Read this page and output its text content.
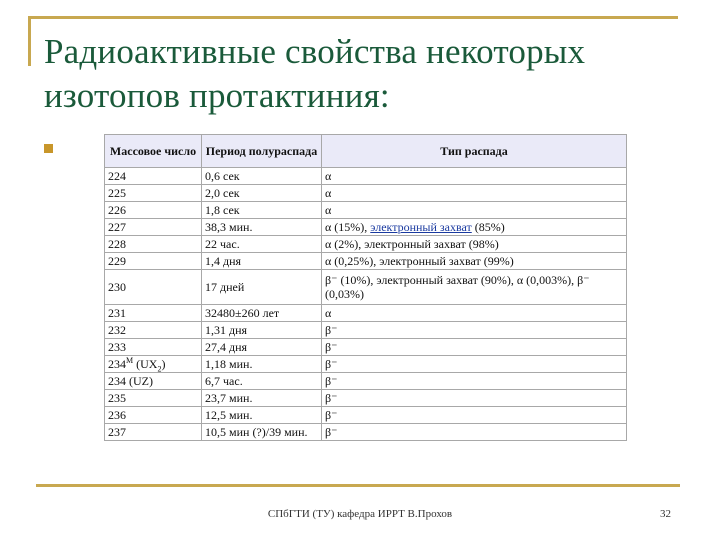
Радиоактивные свойства некоторых изотопов протактиния:
Массовое число	Период полураспада	Тип распада
224	0,6 сек	α
225	2,0 сек	α
226	1,8 сек	α
227	38,3 мин.	α (15%), электронный захват (85%)
228	22 час.	α (2%), электронный захват (98%)
229	1,4 дня	α (0,25%), электронный захват (99%)
230	17 дней	β⁻ (10%), электронный захват (90%), α (0,003%), β⁻ (0,03%)
231	32480±260 лет	α
232	1,31 дня	β⁻
233	27,4 дня	β⁻
$234^M$ $(UX_2)$	1,18 мин.	β⁻
234 (UZ)	6,7 час.	β⁻
235	23,7 мин.	β⁻
236	12,5 мин.	β⁻
237	10,5 мин (?)/39 мин.	β⁻
СПбГТИ (ТУ) кафедра ИРРТ В.Прохов	32
